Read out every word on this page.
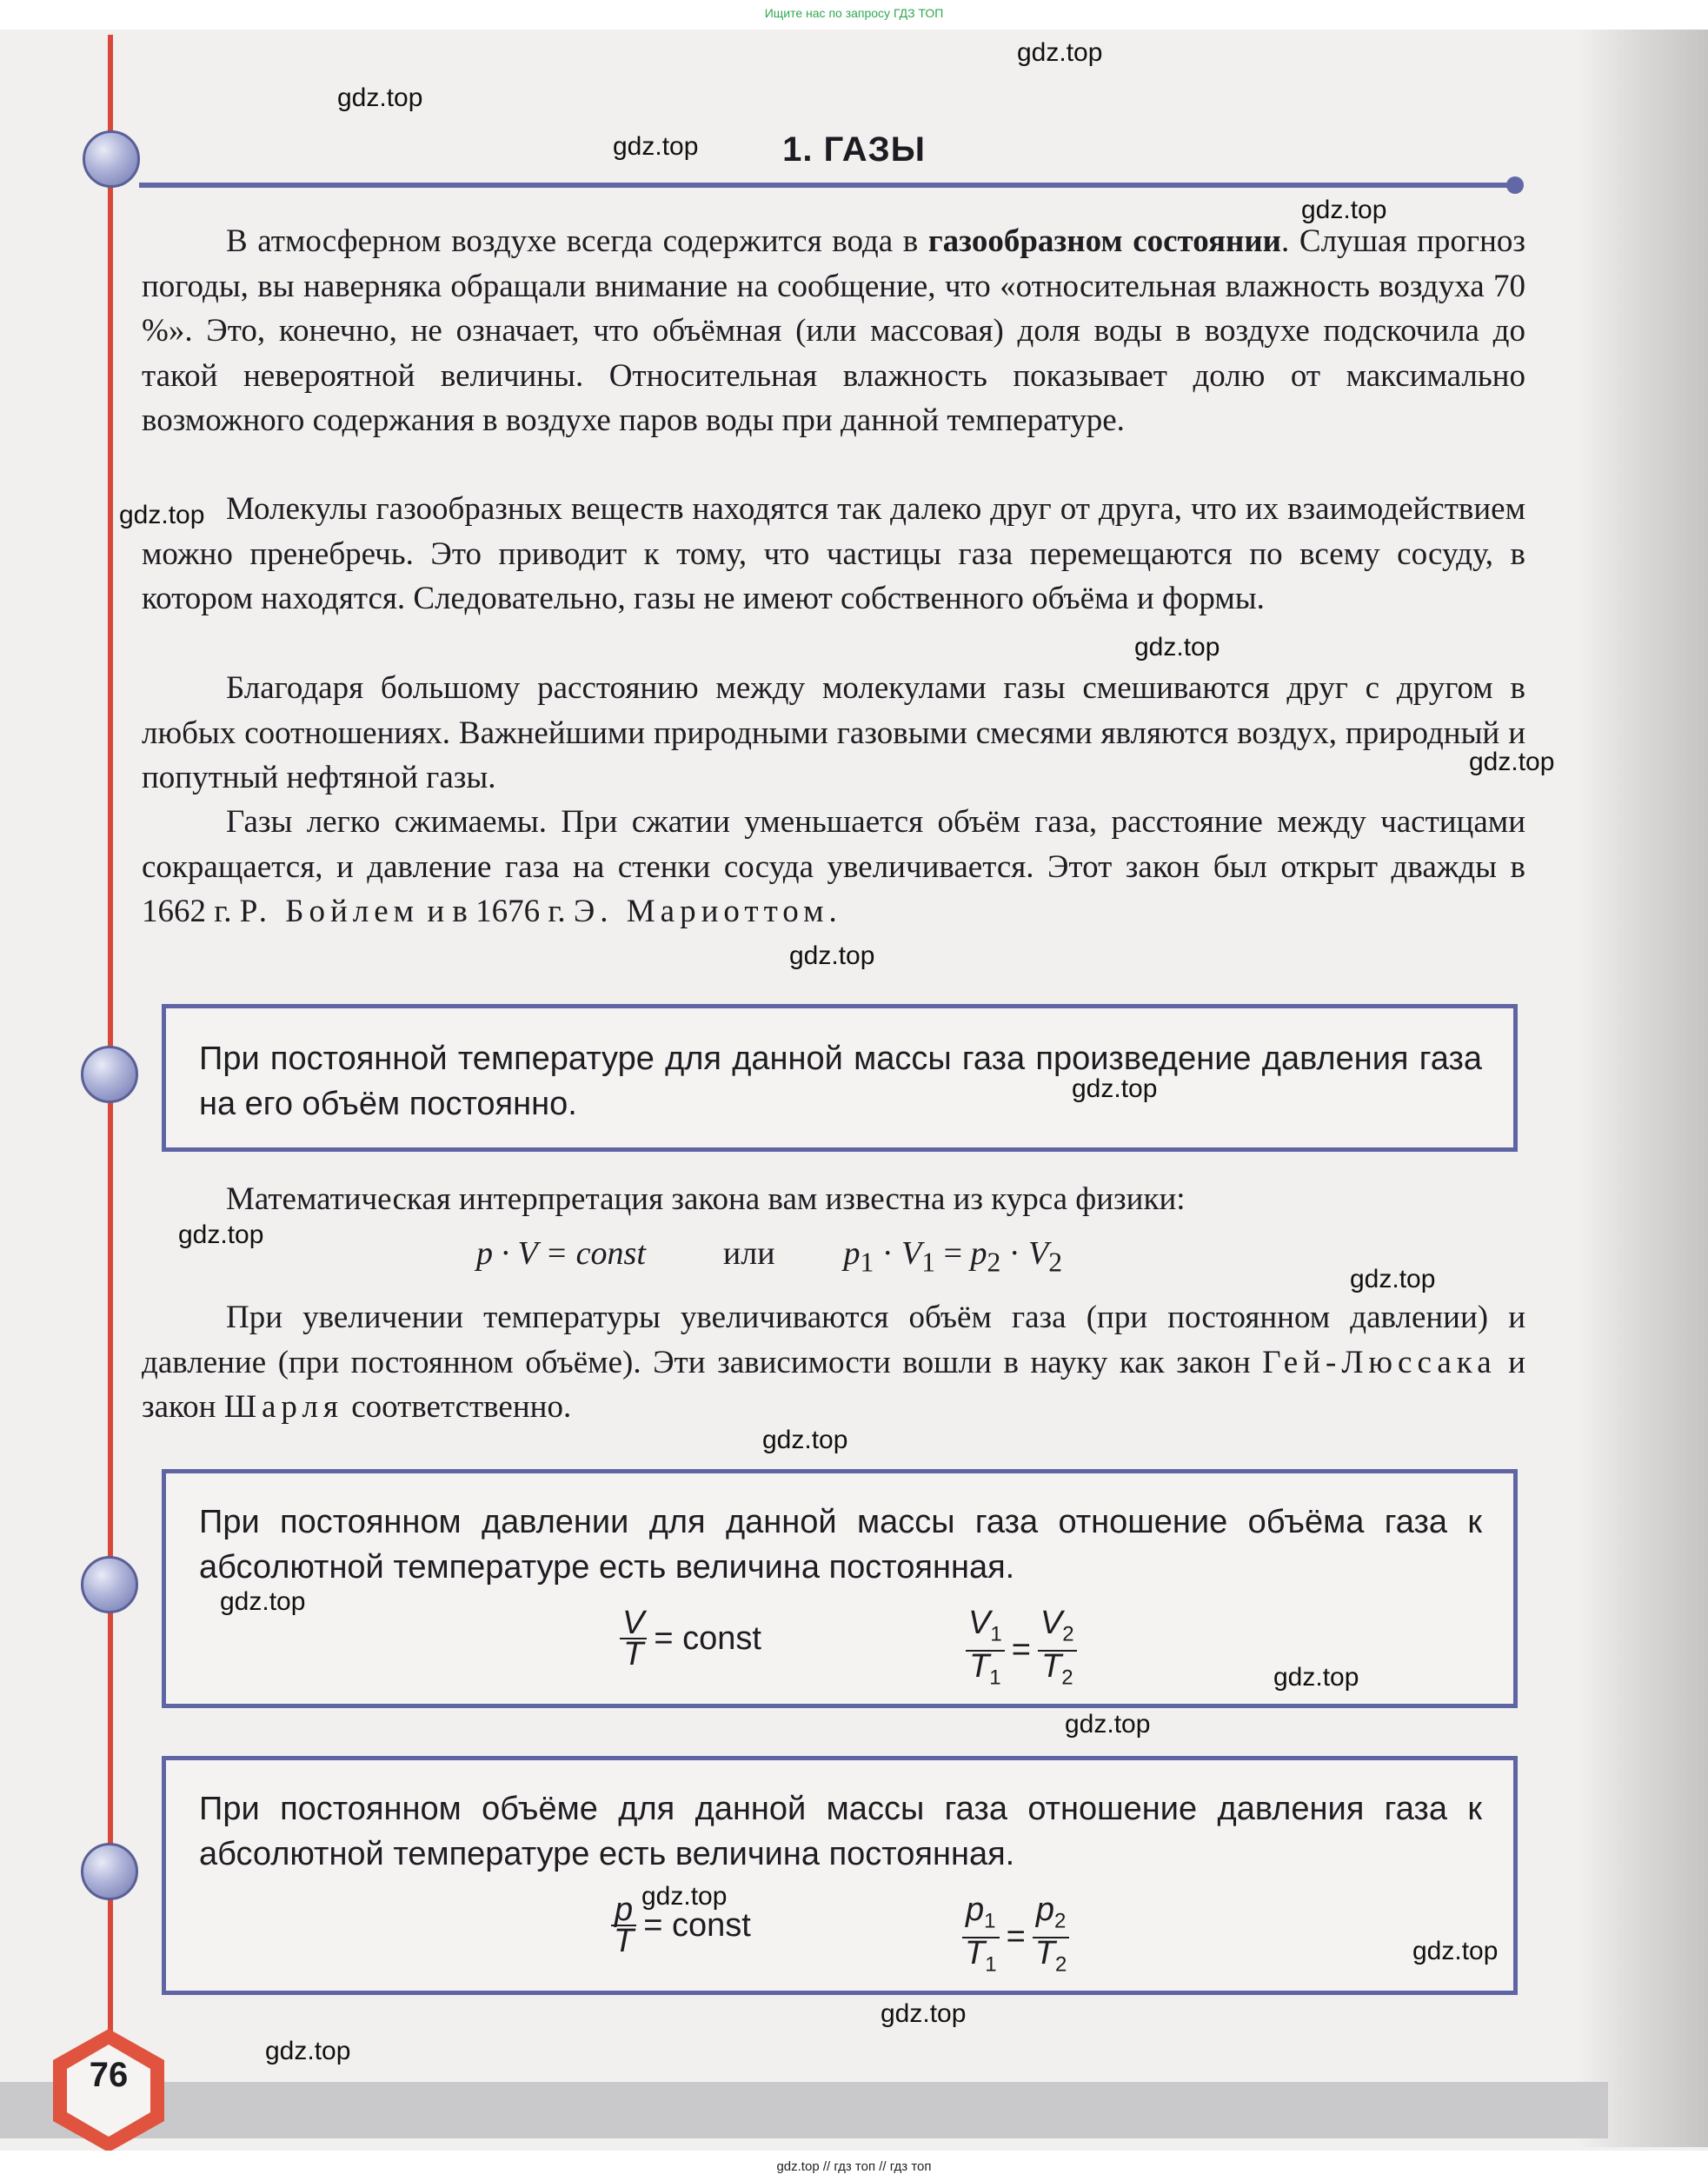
1. ГАЗЫ

В атмосферном воздухе всегда содержится вода в газообразном состоянии. Слушая прогноз погоды, вы наверняка обращали внимание на сообщение, что «относительная влажность воздуха 70 %». Это, конечно, не означает, что объёмная (или массовая) доля воды в воздухе подскочила до такой невероятной величины. Относительная влажность показывает долю от максимально возможного содержания в воздухе паров воды при данной температуре.

Молекулы газообразных веществ находятся так далеко друг от друга, что их взаимодействием можно пренебречь. Это приводит к тому, что частицы газа перемещаются по всему сосуду, в котором находятся. Следовательно, газы не имеют собственного объёма и формы.

Благодаря большому расстоянию между молекулами газы смешиваются друг с другом в любых соотношениях. Важнейшими природными газовыми смесями являются воздух, природный и попутный нефтяной газы.

Газы легко сжимаемы. При сжатии уменьшается объём газа, расстояние между частицами сокращается, и давление газа на стенки сосуда увеличивается. Этот закон был открыт дважды в 1662 г. Р. Бойлем и в 1676 г. Э. Мариоттом.

При постоянной температуре для данной массы газа произведение давления газа на его объём постоянно.

Математическая интерпретация закона вам известна из курса физики:

p · V = const или $p_1 \cdot V_1 = p_2 \cdot V_2$

При увеличении температуры увеличиваются объём газа (при постоянном давлении) и давление (при постоянном объёме). Эти зависимости вошли в науку как закон Гей-Люссака и закон Шарля соответственно.

При постоянном давлении для данной массы газа отношение объёма газа к абсолютной температуре есть величина постоянная.

$\frac{V}{T}$ = const	$\frac{V_1}{T_1} = \frac{V_2}{T_2}$

При постоянном объёме для данной массы газа отношение давления газа к абсолютной температуре есть величина постоянная.

$\frac{p}{T}$ = const	$\frac{p_1}{T_1} = \frac{p_2}{T_2}$
76
gdz.top
gdz.top
gdz.top
gdz.top
gdz.top
gdz.top
gdz.top
gdz.top
gdz.top
gdz.top
gdz.top
gdz.top
gdz.top
gdz.top
gdz.top
gdz.top
gdz.top
gdz.top
gdz.top
Ищите нас по запросу ГДЗ ТОП
gdz.top // гдз топ // гдз топ
